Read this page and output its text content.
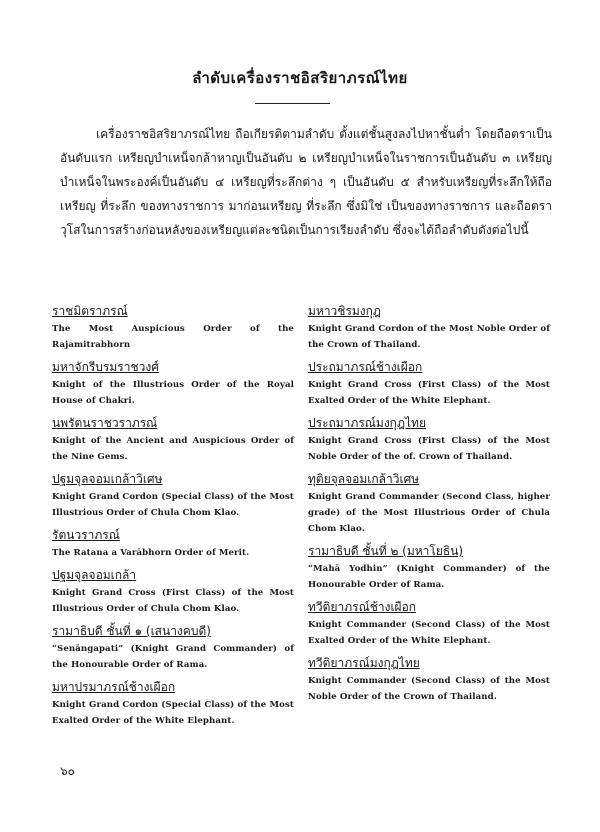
ลำดับเครื่องราชอิสริยาภรณ์ไทย
เครื่องราชอิสริยาภรณ์ไทย ถือเกียรติตามลำดับ ตั้งแต่ชั้นสูงลงไปหาชั้นต่ำ โดยถือตราเป็นอันดับแรก เหรียญบำเหน็จกล้าหาญเป็นอันดับ ๒ เหรียญบำเหน็จในราชการเป็นอันดับ ๓ เหรียญบำเหน็จในพระองค์เป็นอันดับ ๔ เหรียญที่ระลึกต่าง ๆ เป็นอันดับ ๕ สำหรับเหรียญที่ระลึกให้ถือเหรียญ ที่ระลึก ของทางราชการ มาก่อนเหรียญ ที่ระลึก ซึ่งมิใช่ เป็นของทางราชการ และถือตราวุโสในการสร้างก่อนหลังของเหรียญแต่ละชนิดเป็นการเรียงลำดับ ซึ่งจะได้ถือลำดับดังต่อไปนี้
ราชมิตราภรณ์
The Most Auspicious Order of the Rajamitrabhorn
มหาจักรีบรมราชวงศ์
Knight of the Illustrious Order of the Royal House of Chakri.
นพรัตนราชวราภรณ์
Knight of the Ancient and Auspicious Order of the Nine Gems.
ปฐมจุลจอมเกล้าวิเศษ
Knight Grand Cordon (Special Class) of the Most Illustrious Order of Chula Chom Klao.
รัตนวราภรณ์
The Ratana a Varābhorn Order of Merit.
ปฐมจุลจอมเกล้า
Knight Grand Cross (First Class) of the Most Illustrious Order of Chula Chom Klao.
รามาธิบดี ชั้นที่ ๑ (เสนางคบดี)
“Senāngapati” (Knight Grand Commander) of the Honourable Order of Rama.
มหาปรมาภรณ์ช้างเผือก
Knight Grand Cordon (Special Class) of the Most Exalted Order of the White Elephant.
มหาวชิรมงกุฎ
Knight Grand Cordon of the Most Noble Order of the Crown of Thailand.
ประถมาภรณ์ช้างเผือก
Knight Grand Cross (First Class) of the Most Exalted Order of the White Elephant.
ประถมาภรณ์มงกุฎไทย
Knight Grand Cross (First Class) of the Most Noble Order of the of. Crown of Thailand.
ทุติยจุลจอมเกล้าวิเศษ
Knight Grand Commander (Second Class, higher grade) of the Most Illustrious Order of Chula Chom Klao.
รามาธิบดี ชั้นที่ ๒ (มหาโยธิน)
“Mahā Yodhin” (Knight Commander) of the Honourable Order of Rama.
ทวีติยาภรณ์ช้างเผือก
Knight Commander (Second Class) of the Most Exalted Order of the White Elephant.
ทวีติยาภรณ์มงกุฎไทย
Knight Commander (Second Class) of the Most Noble Order of the Crown of Thailand.
๖๐
